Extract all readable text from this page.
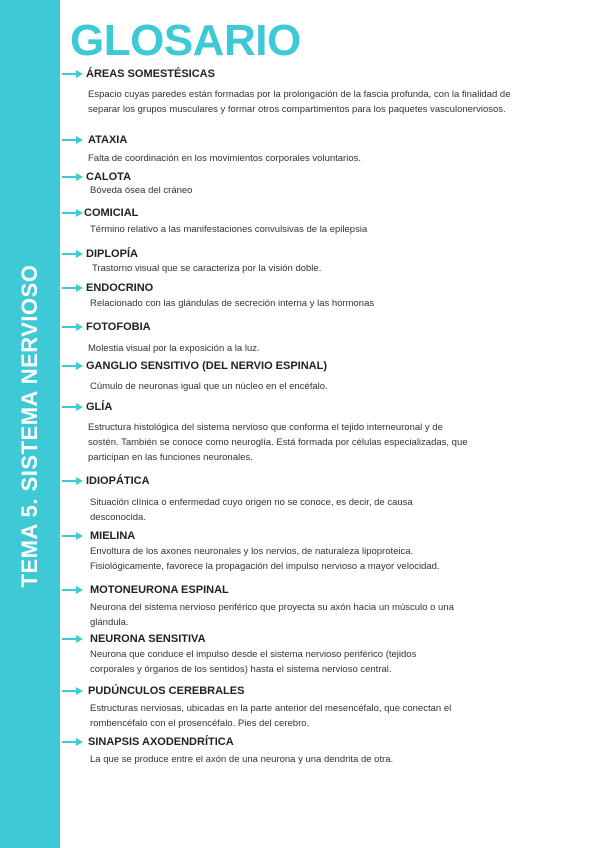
TEMA 5. SISTEMA NERVIOSO
GLOSARIO
ÁREAS SOMESTÉSICAS
Espacio cuyas paredes están formadas por la prolongación de la fascia profunda, con la finalidad de separar los grupos musculares y formar otros compartimentos para los paquetes vasculonerviosos.
ATAXIA
Falta de coordinación en los movimientos corporales voluntarios.
CALOTA
Bóveda ósea del cráneo
COMICIAL
Término relativo a las manifestaciones convulsivas de la epilepsia
DIPLOPÍA
Trastorno visual que se caracteriza por la visión doble.
ENDOCRINO
Relacionado con las glándulas de secreción interna y las hormonas
FOTOFOBIA
Molestia visual por la exposición a la luz.
GANGLIO SENSITIVO (DEL NERVIO ESPINAL)
Cúmulo de neuronas igual que un núcleo en el encéfalo.
GLÍA
Estructura histológica del sistema nervioso que conforma el tejido interneuronal y de sostén. También se conoce como neuroglía. Está formada por células especializadas, que participan en las funciones neuronales.
IDIOPÁTICA
Situación clínica o enfermedad cuyo origen no se conoce, es decir, de causa desconocida.
MIELINA
Envoltura de los axones neuronales y los nervios, de naturaleza lipoproteica. Fisiológicamente, favorece la propagación del impulso nervioso a mayor velocidad.
MOTONEURONA ESPINAL
Neurona del sistema nervioso periférico que proyecta su axón hacia un músculo o una glándula.
NEURONA SENSITIVA
Neurona que conduce el impulso desde el sistema nervioso periférico (tejidos corporales y órganos de los sentidos) hasta el sistema nervioso central.
PUDÚNCULOS CEREBRALES
Estructuras nerviosas, ubicadas en la parte anterior del mesencéfalo, que conectan el rombencéfalo con el prosencéfalo. Pies del cerebro.
SINAPSIS AXODENDRÍTICA
La que se produce entre el axón de una neurona y una dendrita de otra.
